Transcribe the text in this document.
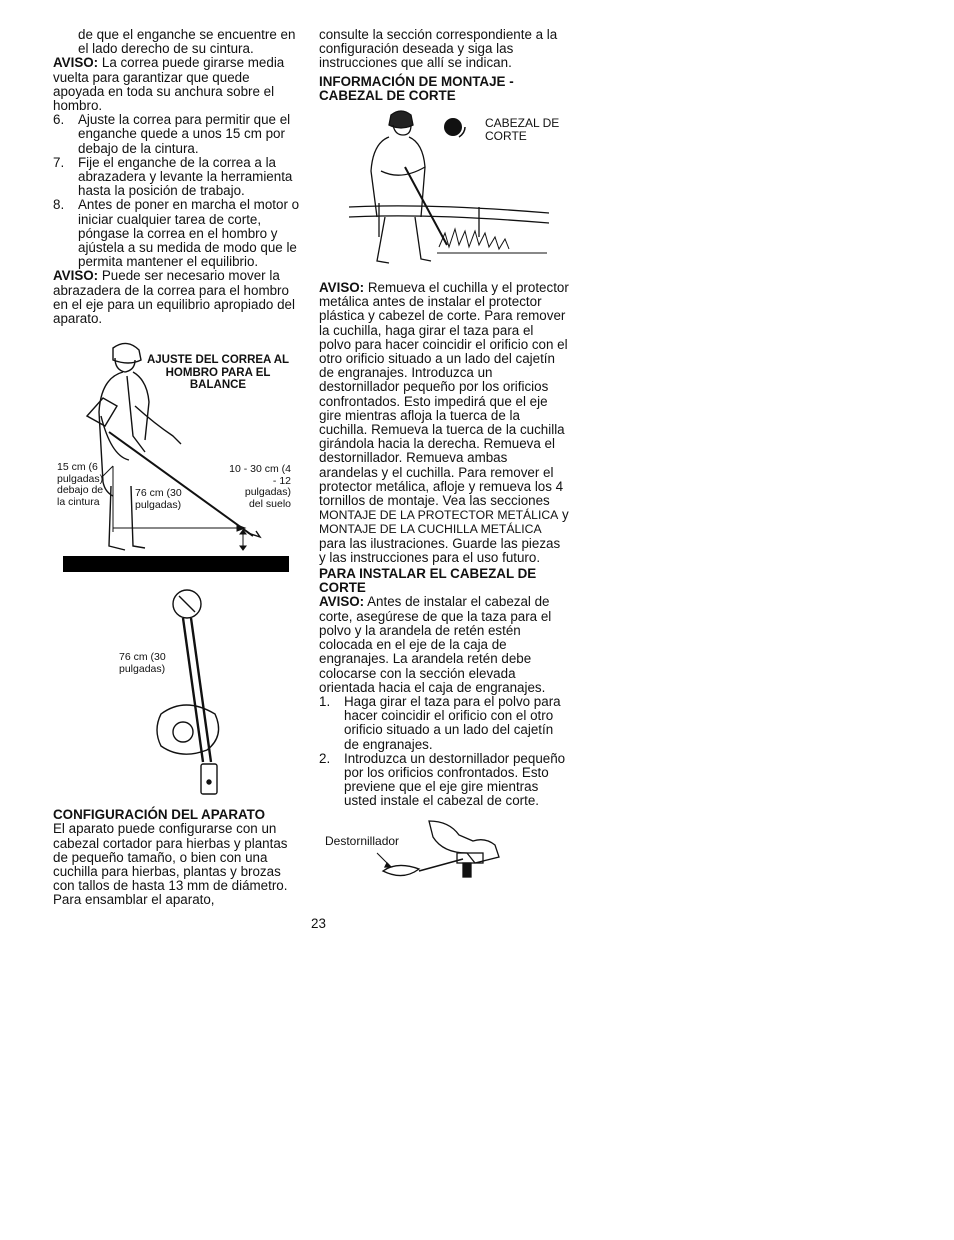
de que el enganche se encuentre en el lado derecho de su cintura.

AVISO: La correa puede girarse media vuelta para garantizar que quede apoyada en toda su anchura sobre el hombro.

6. Ajuste la correa para permitir que el enganche quede a unos 15 cm por debajo de la cintura.
7. Fije el enganche de la correa a la abrazadera y levante la herramienta hasta la posición de trabajo.
8. Antes de poner en marcha el motor o iniciar cualquier tarea de corte, póngase la correa en el hombro y ajústela a su medida de modo que le permita mantener el equilibrio.

AVISO: Puede ser necesario mover la abrazadera de la correa para el hombro en el eje para un equilibrio apropiado del aparato.

AJUSTE DEL CORREA AL HOMBRO PARA EL BALANCE
15 cm (6 pulgadas) debajo de la cintura
76 cm (30 pulgadas)
10 - 30 cm (4 - 12 pulgadas) del suelo
76 cm (30 pulgadas)
CONFIGURACIÓN DEL APARATO

El aparato puede configurarse con un cabezal cortador para hierbas y plantas de pequeño tamaño, o bien con una cuchilla para hierbas, plantas y brozas con tallos de hasta 13 mm de diámetro. Para ensamblar el aparato,

consulte la sección correspondiente a la configuración deseada y siga las instrucciones que allí se indican.

INFORMACIÓN DE MONTAJE - CABEZAL DE CORTE
CABEZAL DE CORTE

AVISO: Remueva el cuchilla y el protector metálica antes de instalar el protector plástica y cabezel de corte. Para remover la cuchilla, haga girar el taza para el polvo para hacer coincidir el orificio con el otro orificio situado a un lado del cajetín de engranajes. Introduzca un destornillador pequeño por los orificios confrontados. Esto impedirá que el eje gire mientras afloja la tuerca de la cuchilla. Remueva la tuerca de la cuchilla girándola hacia la derecha. Remueva el destornillador. Remueva ambas arandelas y el cuchilla. Para remover el protector metálica, afloje y remueva los 4 tornillos de montaje. Vea las secciones MONTAJE DE LA PROTECTOR METÁLICA y MONTAJE DE LA CUCHILLA METÁLICA para las ilustraciones. Guarde las piezas y las instrucciones para el uso futuro.

PARA INSTALAR EL CABEZAL DE CORTE

AVISO: Antes de instalar el cabezal de corte, asegúrese de que la taza para el polvo y la arandela de retén estén colocada en el eje de la caja de engranajes. La arandela retén debe colocarse con la sección elevada orientada hacia el caja de engranajes.

1. Haga girar el taza para el polvo para hacer coincidir el orificio con el otro orificio situado a un lado del cajetín de engranajes.
2. Introduzca un destornillador pequeño por los orificios confrontados. Esto previene que el eje gire mientras usted instale el cabezal de corte.
Destornillador
23
